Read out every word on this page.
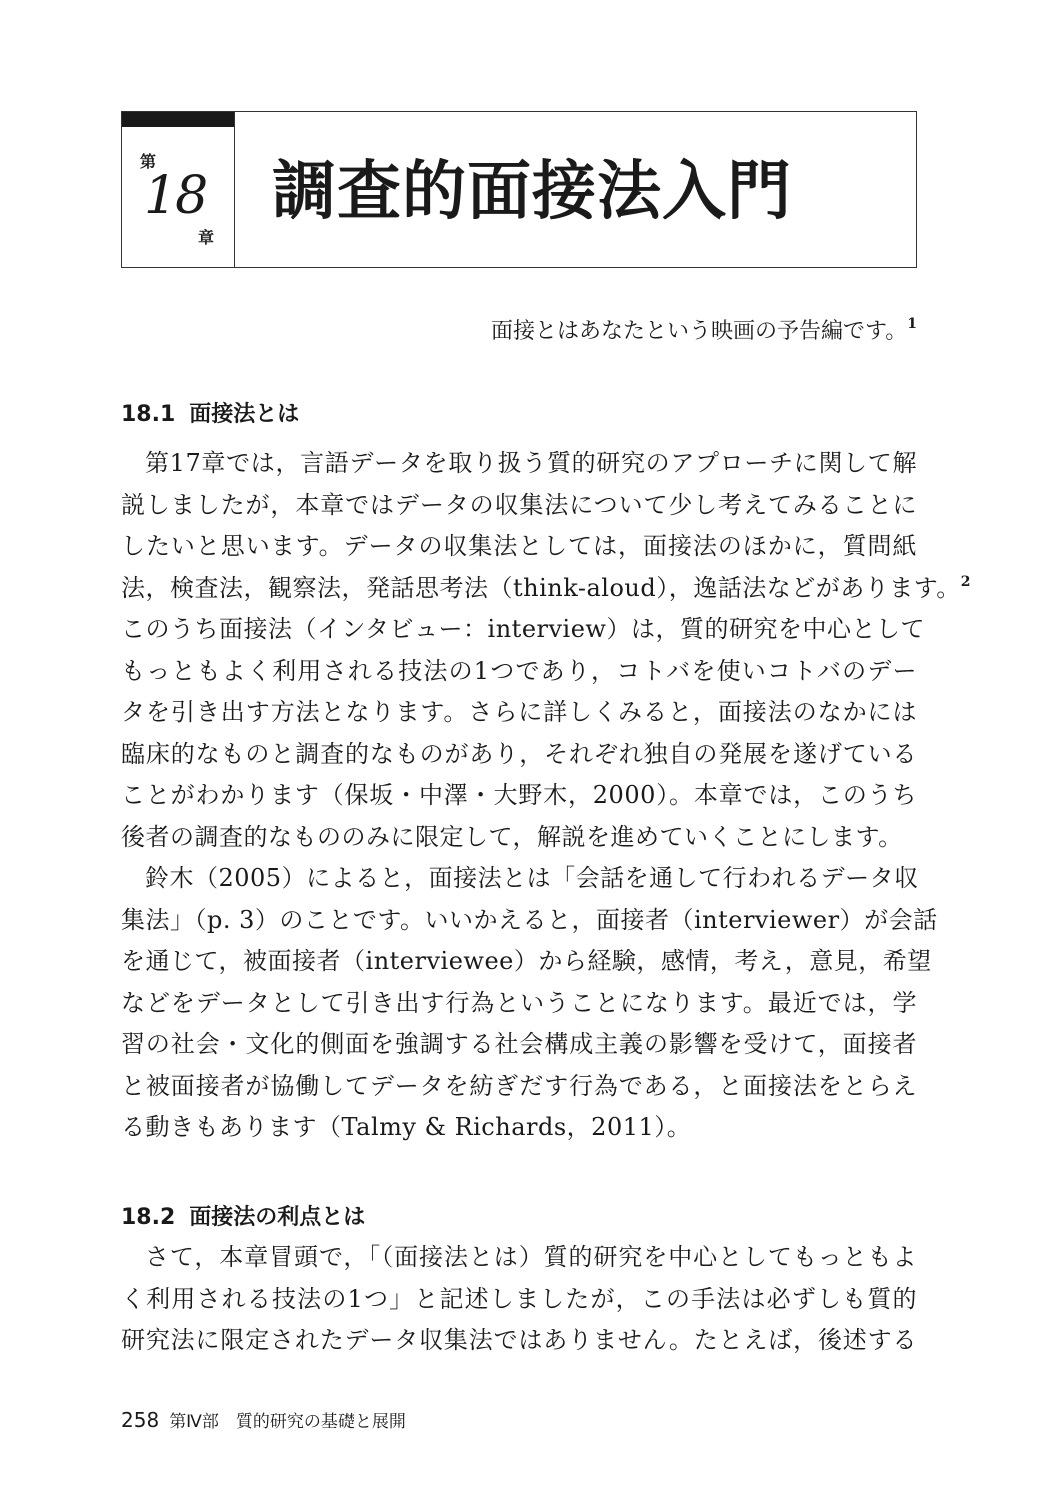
第
18
章
調査的面接法入門
面接とはあなたという映画の予告編です。$^1$
18.1 面接法とは
第17章では，言語データを取り扱う質的研究のアプローチに関して解
説しましたが，本章ではデータの収集法について少し考えてみることに
したいと思います。データの収集法としては，面接法のほかに，質問紙
法，検査法，観察法，発話思考法（think-aloud），逸話法などがあります。$^2$
このうち面接法（インタビュー：interview）は，質的研究を中心として
もっともよく利用される技法の1つであり，コトバを使いコトバのデー
タを引き出す方法となります。さらに詳しくみると，面接法のなかには
臨床的なものと調査的なものがあり，それぞれ独自の発展を遂げている
ことがわかります（保坂・中澤・大野木，2000）。本章では，このうち
後者の調査的なもののみに限定して，解説を進めていくことにします。
鈴木（2005）によると，面接法とは「会話を通して行われるデータ収
集法」（p. 3）のことです。いいかえると，面接者（interviewer）が会話
を通じて，被面接者（interviewee）から経験，感情，考え，意見，希望
などをデータとして引き出す行為ということになります。最近では，学
習の社会・文化的側面を強調する社会構成主義の影響を受けて，面接者
と被面接者が協働してデータを紡ぎだす行為である，と面接法をとらえ
る動きもあります（Talmy & Richards，2011）。
18.2 面接法の利点とは
さて，本章冒頭で，「（面接法とは）質的研究を中心としてもっともよ
く利用される技法の1つ」と記述しましたが，この手法は必ずしも質的
研究法に限定されたデータ収集法ではありません。たとえば，後述する
258 第Ⅳ部　質的研究の基礎と展開
